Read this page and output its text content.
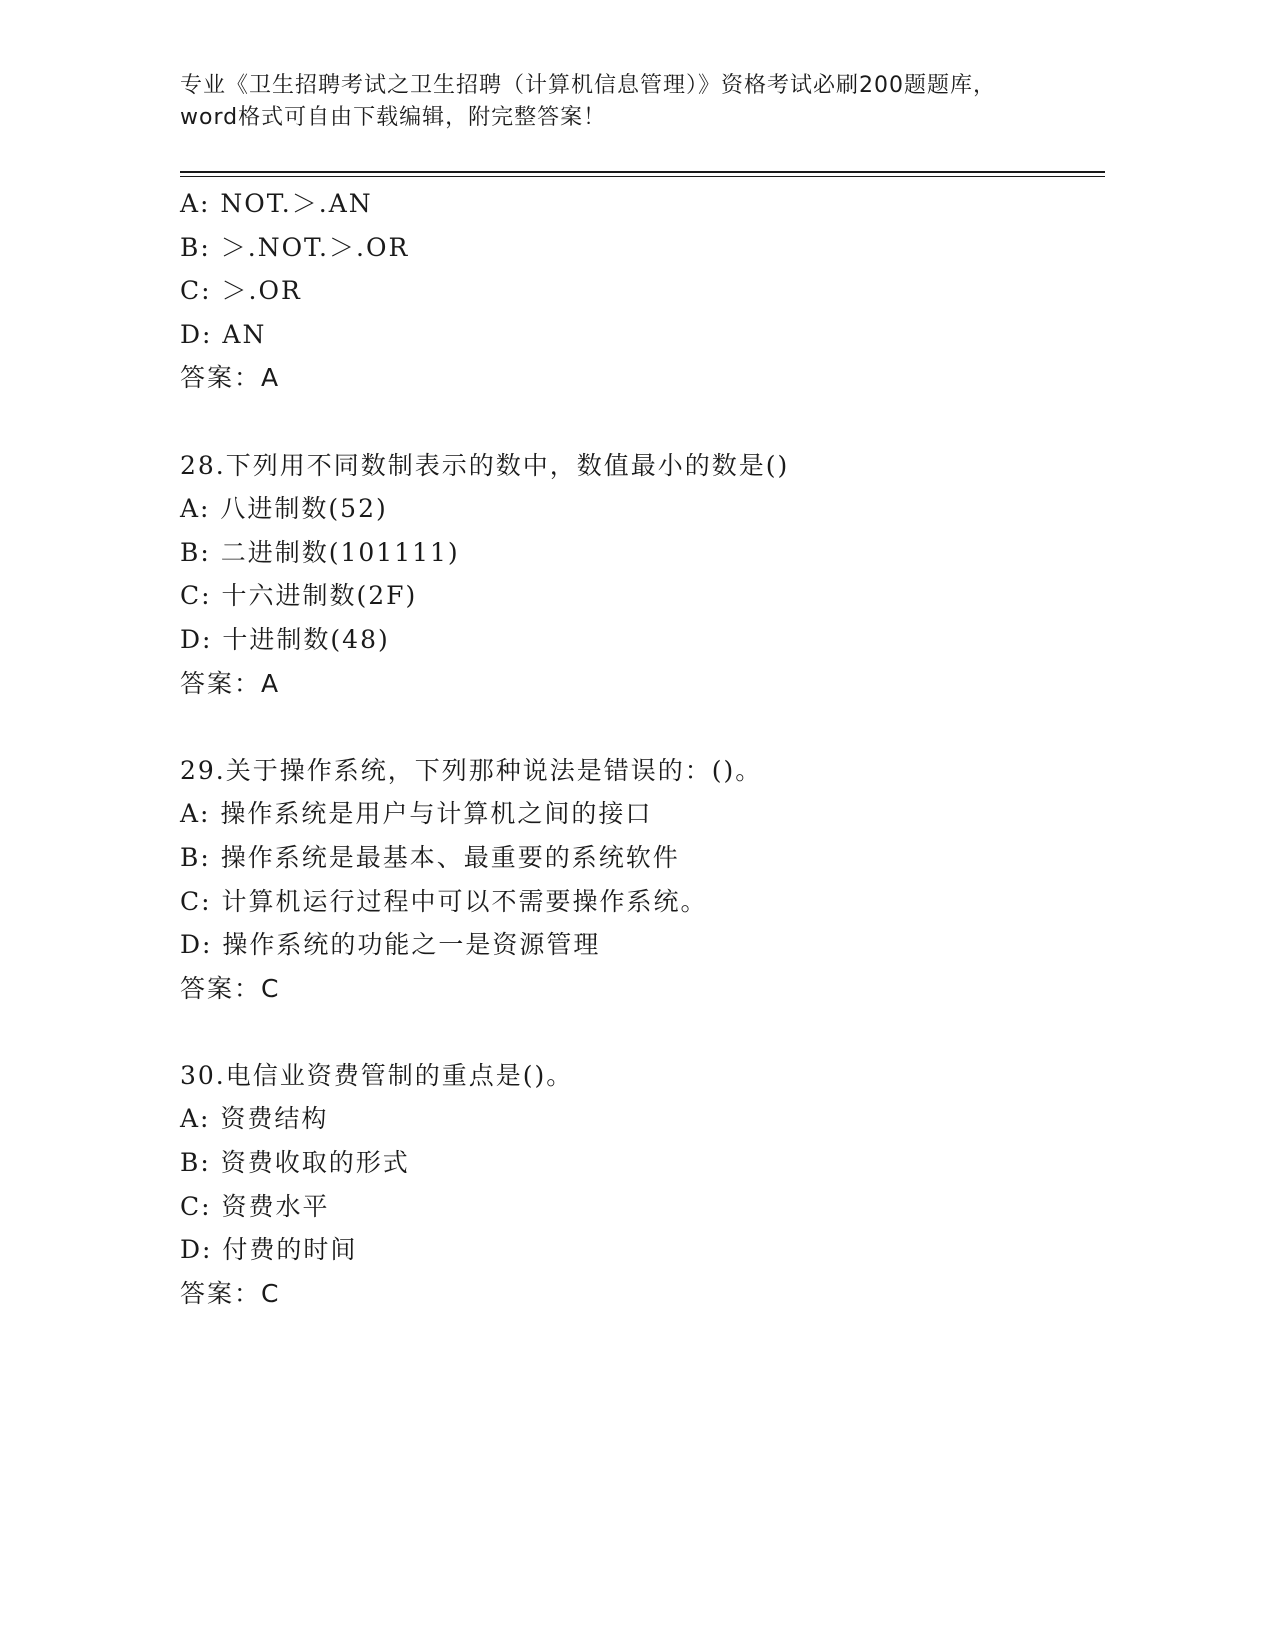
专业《卫生招聘考试之卫生招聘（计算机信息管理）》资格考试必刷200题题库，
word格式可自由下载编辑，附完整答案！
A: NOT.＞.AN
B: ＞.NOT.＞.OR
C: ＞.OR
D: AN
答案：A
28.下列用不同数制表示的数中，数值最小的数是()
A: 八进制数(52)
B: 二进制数(101111)
C: 十六进制数(2F)
D: 十进制数(48)
答案：A
29.关于操作系统，下列那种说法是错误的：()。
A: 操作系统是用户与计算机之间的接口
B: 操作系统是最基本、最重要的系统软件
C: 计算机运行过程中可以不需要操作系统。
D: 操作系统的功能之一是资源管理
答案：C
30.电信业资费管制的重点是()。
A: 资费结构
B: 资费收取的形式
C: 资费水平
D: 付费的时间
答案：C
